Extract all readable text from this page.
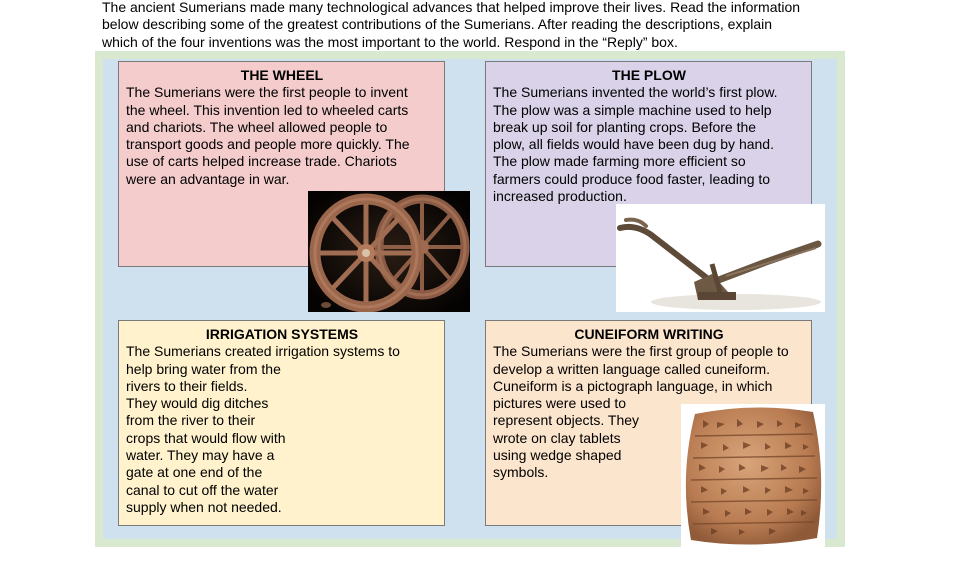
The ancient Sumerians made many technological advances that helped improve their lives. Read the information
below describing some of the greatest contributions of the Sumerians. After reading the descriptions, explain
which of the four inventions was the most important to the world. Respond in the “Reply” box.
THE WHEEL
The Sumerians were the first people to invent
the wheel. This invention led to wheeled carts
and chariots. The wheel allowed people to
transport goods and people more quickly. The
use of carts helped increase trade. Chariots
were an advantage in war.
THE PLOW
The Sumerians invented the world’s first plow.
The plow was a simple machine used to help
break up soil for planting crops. Before the
plow, all fields would have been dug by hand.
The plow made farming more efficient so
farmers could produce food faster, leading to
increased production.
IRRIGATION SYSTEMS
The Sumerians created irrigation systems to
help bring water from the
rivers to their fields.
They would dig ditches
from the river to their
crops that would flow with
water. They may have a
gate at one end of the
canal to cut off the water
supply when not needed.
CUNEIFORM WRITING
The Sumerians were the first group of people to
develop a written language called cuneiform.
Cuneiform is a pictograph language, in which
pictures were used to
represent objects. They
wrote on clay tablets
using wedge shaped
symbols.
